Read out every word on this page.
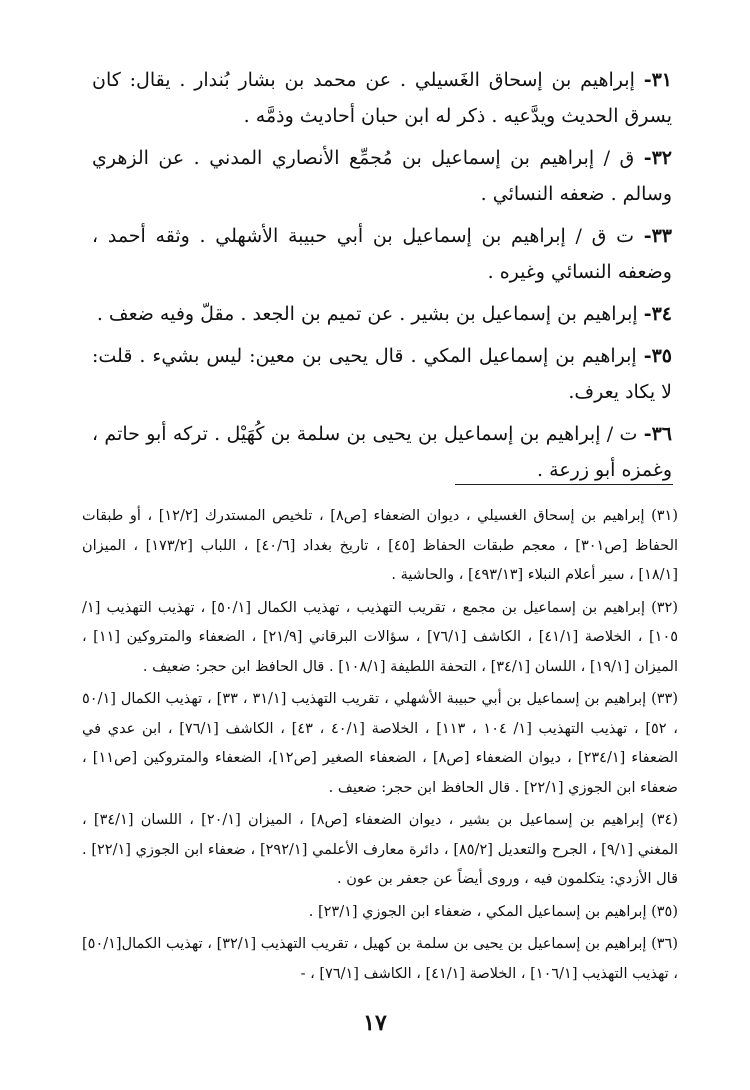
٣١- إبراهيم بن إسحاق الغَسيلي . عن محمد بن بشار بُندار . يقال: كان يسرق الحديث ويدَّعيه . ذكر له ابن حبان أحاديث وذمَّه .

٣٢- ق / إبراهيم بن إسماعيل بن مُجمِّع الأنصاري المدني . عن الزهري وسالم . ضعفه النسائي .

٣٣- ت ق / إبراهيم بن إسماعيل بن أبي حبيبة الأشهلي . وثقه أحمد ، وضعفه النسائي وغيره .

٣٤- إبراهيم بن إسماعيل بن بشير . عن تميم بن الجعد . مقلّ وفيه ضعف .

٣٥- إبراهيم بن إسماعيل المكي . قال يحيى بن معين: ليس بشيء . قلت: لا يكاد يعرف.

٣٦- ت / إبراهيم بن إسماعيل بن يحيى بن سلمة بن كُهَيْل . تركه أبو حاتم ، وغمزه أبو زرعة .

(٣١) إبراهيم بن إسحاق الغسيلي ، ديوان الضعفاء [ص٨] ، تلخيص المستدرك [١٢/٢] ، أو طبقات الحفاظ [ص٣٠١] ، معجم طبقات الحفاظ [٤٥] ، تاريخ بغداد [٤٠/٦] ، اللباب [١٧٣/٢] ، الميزان [١٨/١] ، سير أعلام النبلاء [٤٩٣/١٣] ، والحاشية .

(٣٢) إبراهيم بن إسماعيل بن مجمع ، تقريب التهذيب ، تهذيب الكمال [٥٠/١] ، تهذيب التهذيب [١/ ١٠٥] ، الخلاصة [٤١/١] ، الكاشف [٧٦/١] ، سؤالات البرقاني [٢١/٩] ، الضعفاء والمتروكين [١١] ، الميزان [١٩/١] ، اللسان [٣٤/١] ، التحفة اللطيفة [١٠٨/١] . قال الحافظ ابن حجر: ضعيف .

(٣٣) إبراهيم بن إسماعيل بن أبي حبيبة الأشهلي ، تقريب التهذيب [٣١/١ ، ٣٣] ، تهذيب الكمال [٥٠/١ ، ٥٢] ، تهذيب التهذيب [١/ ١٠٤ ، ١١٣] ، الخلاصة [٤٠/١ ، ٤٣] ، الكاشف [٧٦/١] ، ابن عدي في الضعفاء [٢٣٤/١] ، ديوان الضعفاء [ص٨] ، الضعفاء الصغير [ص١٢]، الضعفاء والمتروكين [ص١١] ، ضعفاء ابن الجوزي [٢٢/١] . قال الحافظ ابن حجر: ضعيف .

(٣٤) إبراهيم بن إسماعيل بن بشير ، ديوان الضعفاء [ص٨] ، الميزان [٢٠/١] ، اللسان [٣٤/١] ، المغني [٩/١] ، الجرح والتعديل [٨٥/٢] ، دائرة معارف الأعلمي [٢٩٢/١] ، ضعفاء ابن الجوزي [٢٢/١] . قال الأزدي: يتكلمون فيه ، وروى أيضاً عن جعفر بن عون .

(٣٥) إبراهيم بن إسماعيل المكي ، ضعفاء ابن الجوزي [٢٣/١] .

(٣٦) إبراهيم بن إسماعيل بن يحيى بن سلمة بن كهيل ، تقريب التهذيب [٣٢/١] ، تهذيب الكمال[٥٠/١] ، تهذيب التهذيب [١٠٦/١] ، الخلاصة [٤١/١] ، الكاشف [٧٦/١] ، -

١٧
